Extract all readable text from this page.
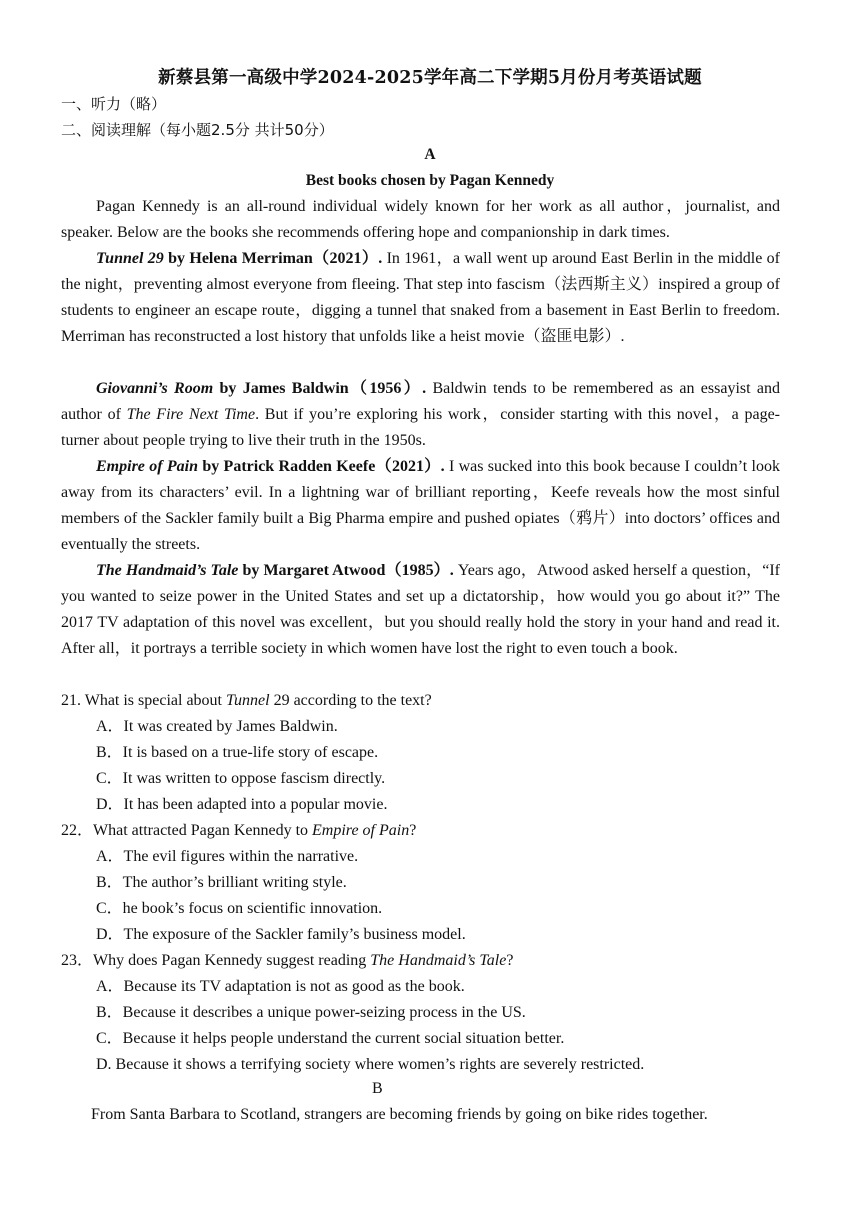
新蔡县第一高级中学2024-2025学年高二下学期5月份月考英语试题
一、听力（略）
二、阅读理解（每小题2.5分 共计50分）
A
Best books chosen by Pagan Kennedy
Pagan Kennedy is an all-round individual widely known for her work as all author，journalist, and speaker. Below are the books she recommends offering hope and companionship in dark times.
Tunnel 29 by Helena Merriman（2021）. In 1961，a wall went up around East Berlin in the middle of the night，preventing almost everyone from fleeing. That step into fascism（法西斯主义）inspired a group of students to engineer an escape route，digging a tunnel that snaked from a basement in East Berlin to freedom. Merriman has reconstructed a lost history that unfolds like a heist movie（盗匪电影）.
Giovanni’s Room by James Baldwin（1956）. Baldwin tends to be remembered as an essayist and author of The Fire Next Time. But if you’re exploring his work，consider starting with this novel，a page-turner about people trying to live their truth in the 1950s.
Empire of Pain by Patrick Radden Keefe（2021）. I was sucked into this book because I couldn’t look away from its characters’ evil. In a lightning war of brilliant reporting，Keefe reveals how the most sinful members of the Sackler family built a Big Pharma empire and pushed opiates（鸦片）into doctors’ offices and eventually the streets.
The Handmaid’s Tale by Margaret Atwood（1985）. Years ago，Atwood asked herself a question，“If you wanted to seize power in the United States and set up a dictatorship，how would you go about it?” The 2017 TV adaptation of this novel was excellent，but you should really hold the story in your hand and read it. After all，it portrays a terrible society in which women have lost the right to even touch a book.
21. What is special about Tunnel 29 according to the text?
A．It was created by James Baldwin.
B．It is based on a true-life story of escape.
C．It was written to oppose fascism directly.
D．It has been adapted into a popular movie.
22．What attracted Pagan Kennedy to Empire of Pain?
A．The evil figures within the narrative.
B．The author’s brilliant writing style.
C．he book’s focus on scientific innovation.
D．The exposure of the Sackler family’s business model.
23．Why does Pagan Kennedy suggest reading The Handmaid’s Tale?
A．Because its TV adaptation is not as good as the book.
B．Because it describes a unique power-seizing process in the US.
C．Because it helps people understand the current social situation better.
D. Because it shows a terrifying society where women’s rights are severely restricted.
B
From Santa Barbara to Scotland, strangers are becoming friends by going on bike rides together.
